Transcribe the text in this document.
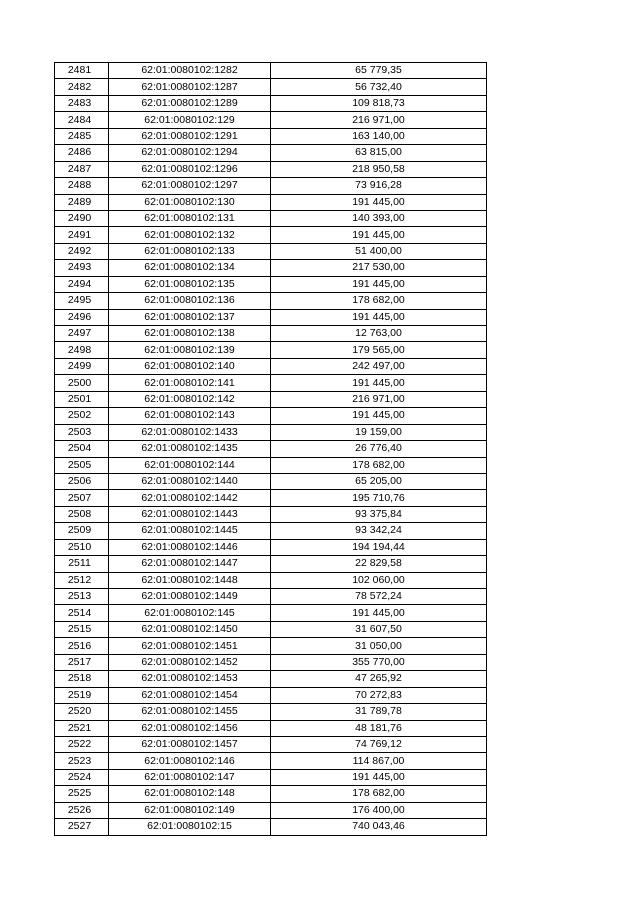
2481	62:01:0080102:1282	65 779,35
2482	62:01:0080102:1287	56 732,40
2483	62:01:0080102:1289	109 818,73
2484	62:01:0080102:129	216 971,00
2485	62:01:0080102:1291	163 140,00
2486	62:01:0080102:1294	63 815,00
2487	62:01:0080102:1296	218 950,58
2488	62:01:0080102:1297	73 916,28
2489	62:01:0080102:130	191 445,00
2490	62:01:0080102:131	140 393,00
2491	62:01:0080102:132	191 445,00
2492	62:01:0080102:133	51 400,00
2493	62:01:0080102:134	217 530,00
2494	62:01:0080102:135	191 445,00
2495	62:01:0080102:136	178 682,00
2496	62:01:0080102:137	191 445,00
2497	62:01:0080102:138	12 763,00
2498	62:01:0080102:139	179 565,00
2499	62:01:0080102:140	242 497,00
2500	62:01:0080102:141	191 445,00
2501	62:01:0080102:142	216 971,00
2502	62:01:0080102:143	191 445,00
2503	62:01:0080102:1433	19 159,00
2504	62:01:0080102:1435	26 776,40
2505	62:01:0080102:144	178 682,00
2506	62:01:0080102:1440	65 205,00
2507	62:01:0080102:1442	195 710,76
2508	62:01:0080102:1443	93 375,84
2509	62:01:0080102:1445	93 342,24
2510	62:01:0080102:1446	194 194,44
2511	62:01:0080102:1447	22 829,58
2512	62:01:0080102:1448	102 060,00
2513	62:01:0080102:1449	78 572,24
2514	62:01:0080102:145	191 445,00
2515	62:01:0080102:1450	31 607,50
2516	62:01:0080102:1451	31 050,00
2517	62:01:0080102:1452	355 770,00
2518	62:01:0080102:1453	47 265,92
2519	62:01:0080102:1454	70 272,83
2520	62:01:0080102:1455	31 789,78
2521	62:01:0080102:1456	48 181,76
2522	62:01:0080102:1457	74 769,12
2523	62:01:0080102:146	114 867,00
2524	62:01:0080102:147	191 445,00
2525	62:01:0080102:148	178 682,00
2526	62:01:0080102:149	176 400,00
2527	62:01:0080102:15	740 043,46
